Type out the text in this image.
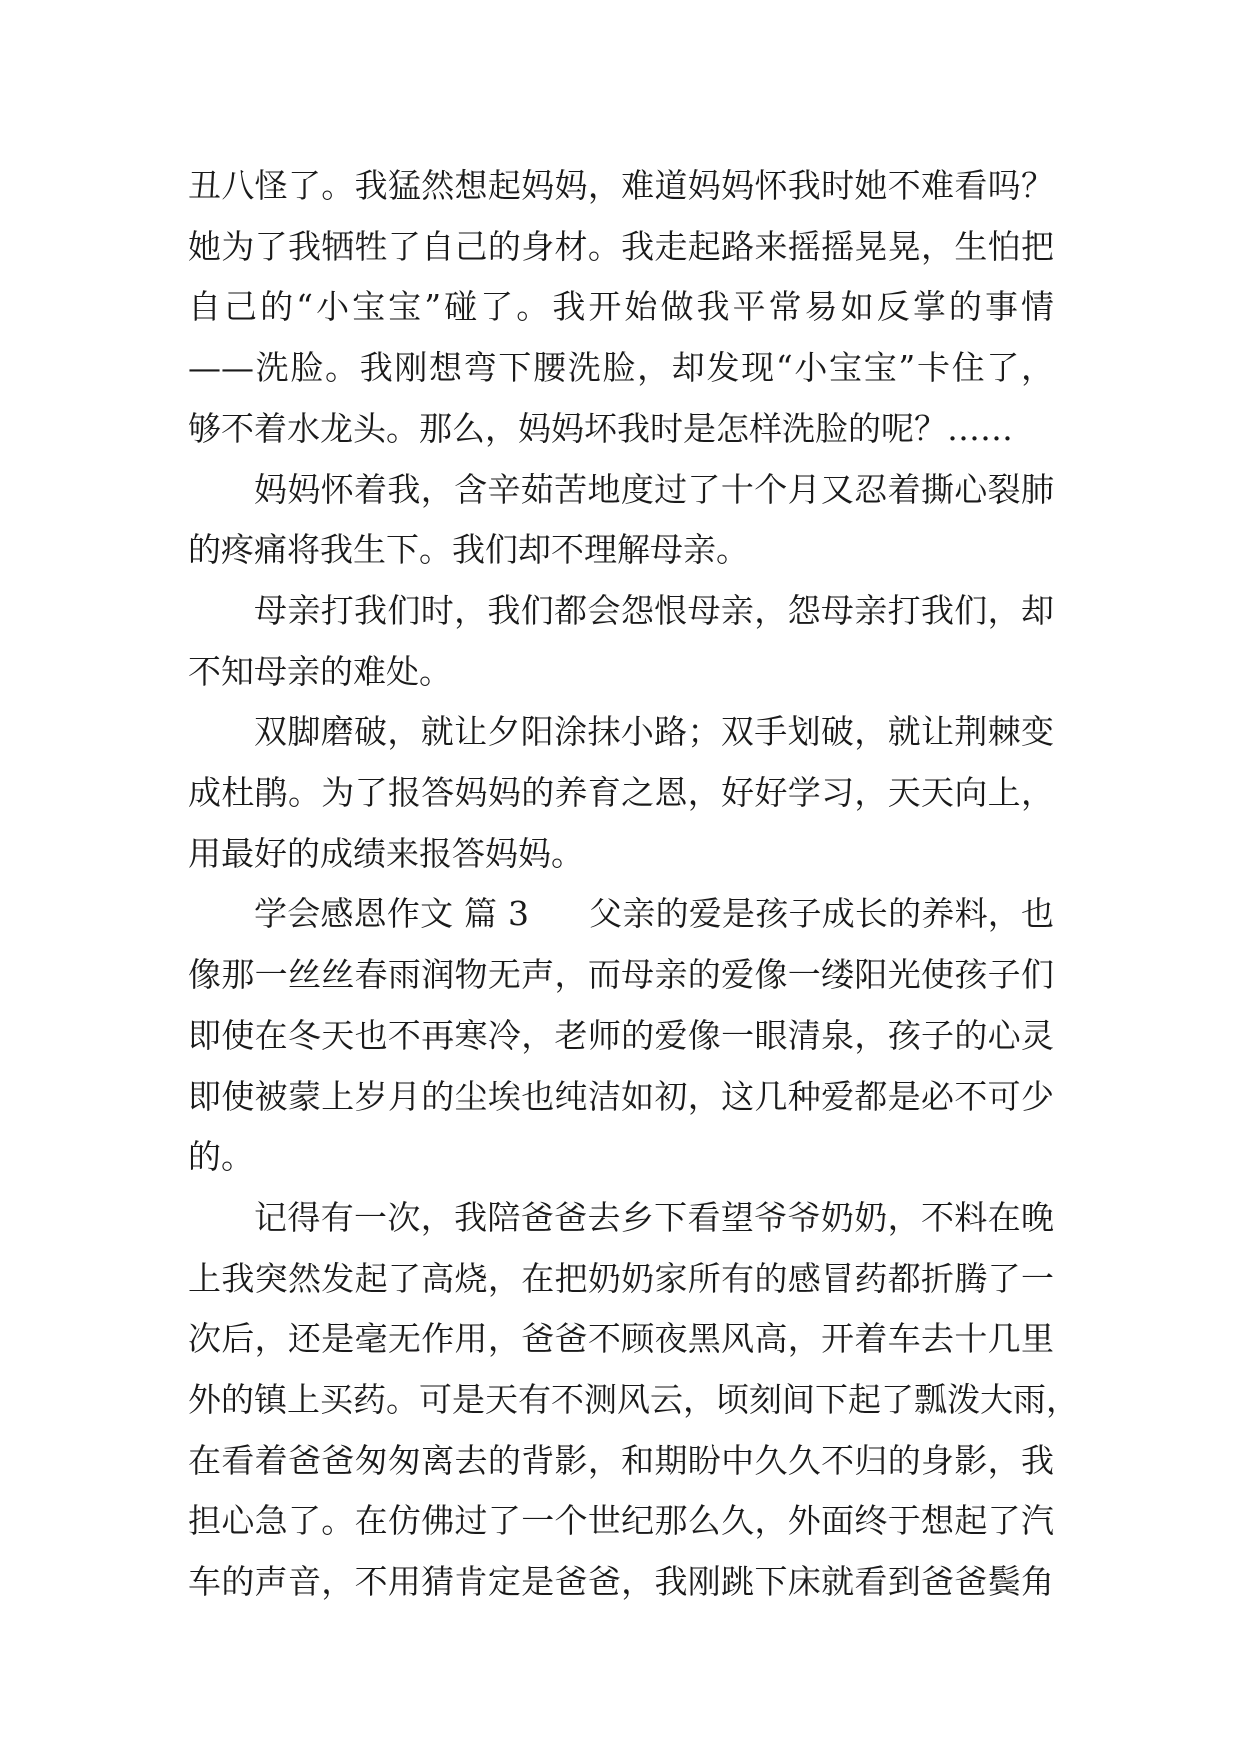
丑八怪了。我猛然想起妈妈，难道妈妈怀我时她不难看吗？
她为了我牺牲了自己的身材。我走起路来摇摇晃晃，生怕把
自己的“小宝宝”碰了。我开始做我平常易如反掌的事情
——洗脸。我刚想弯下腰洗脸，却发现“小宝宝”卡住了，
够不着水龙头。那么，妈妈坏我时是怎样洗脸的呢？……
妈妈怀着我，含辛茹苦地度过了十个月又忍着撕心裂肺
的疼痛将我生下。我们却不理解母亲。
母亲打我们时，我们都会怨恨母亲，怨母亲打我们，却
不知母亲的难处。
双脚磨破，就让夕阳涂抹小路；双手划破，就让荆棘变
成杜鹃。为了报答妈妈的养育之恩，好好学习，天天向上，
用最好的成绩来报答妈妈。
学会感恩作文 篇 3 父亲的爱是孩子成长的养料，也
像那一丝丝春雨润物无声，而母亲的爱像一缕阳光使孩子们
即使在冬天也不再寒冷，老师的爱像一眼清泉，孩子的心灵
即使被蒙上岁月的尘埃也纯洁如初，这几种爱都是必不可少
的。
记得有一次，我陪爸爸去乡下看望爷爷奶奶，不料在晚
上我突然发起了高烧，在把奶奶家所有的感冒药都折腾了一
次后，还是毫无作用，爸爸不顾夜黑风高，开着车去十几里
外的镇上买药。可是天有不测风云，顷刻间下起了瓢泼大雨，
在看着爸爸匆匆离去的背影，和期盼中久久不归的身影，我
担心急了。在仿佛过了一个世纪那么久，外面终于想起了汽
车的声音，不用猜肯定是爸爸，我刚跳下床就看到爸爸鬓角
